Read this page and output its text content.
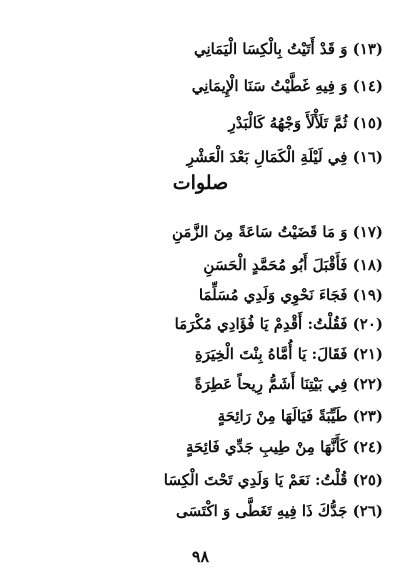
(١٣) وَ قَدْ أَتَيْتُ بِالْكِسَا الْيَمَانِي
(١٤) وَ فِيهِ غَطَّيْتُ سَنَا الْإِيمَانِي
(١٥) ثُمَّ تَلَأْلَأَ وَجْهُهُ كَالْبَدْرِ
(١٦) فِي لَيْلَةِ الْكَمَالِ بَعْدَ الْعَشْرِ
صلوات
(١٧) وَ مَا قَضَيْتُ سَاعَةً مِنَ الزَّمَنِ
(١٨) فَأَقْبَلَ أَبُو مُحَمَّدٍ الْحَسَنِ
(١٩) فَجَاءَ نَحْوِي وَلَدِي مُسَلِّمَا
(٢٠) فَقُلْتُ: أَقْدِمْ يَا فُؤَادِي مُكْرَمَا
(٢١) فَقَالَ: يَا أُمَّاهُ بِنْتَ الْخِيَرَةِ
(٢٢) فِي بَيْتِنَا أَشَمُّ رِيحاً عَطِرَةً
(٢٣) طَيِّبَةً فَيَالَهَا مِنْ رَائِحَةٍ
(٢٤) كَأَنَّهَا مِنْ طِيبِ جَدِّي فَائِحَةٍ
(٢٥) قُلْتُ: نَعَمْ يَا وَلَدِي تَحْتَ الْكِسَا
(٢٦) جَدُّكَ ذَا فِيهِ تَغَطَّى وَ اكْتَسَى
٩٨
